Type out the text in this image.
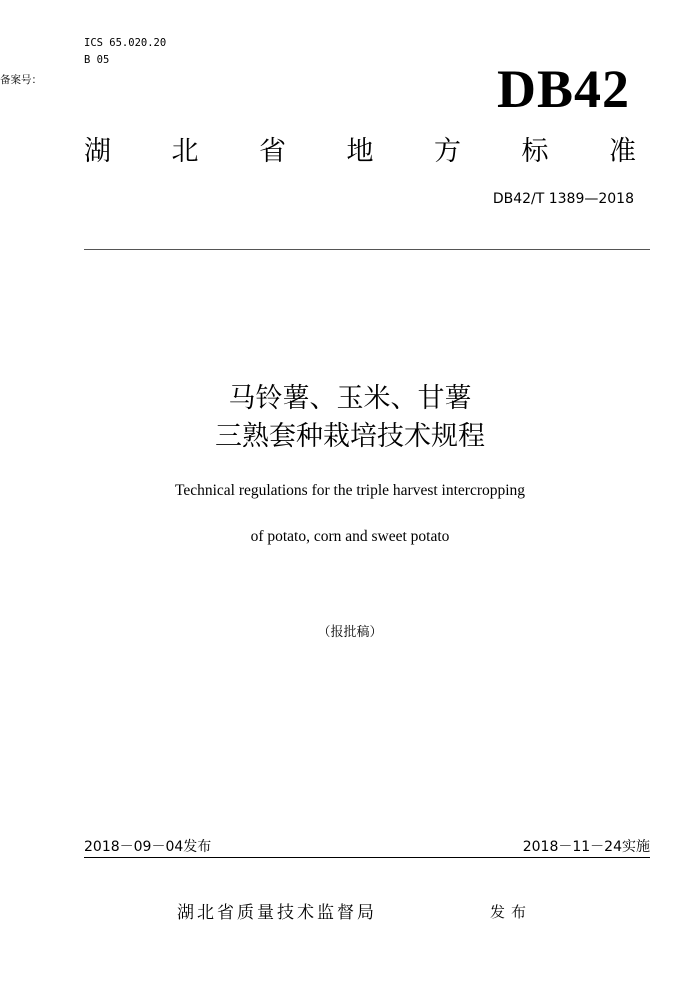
ICS 65.020.20
B 05
备案号：	DB42
湖 北 省 地 方 标 准
DB42/T 1389—2018
马铃薯、玉米、甘薯
三熟套种栽培技术规程
Technical regulations for the triple harvest intercropping
of potato, corn and sweet potato
（报批稿）
2018－09－04发布	2018－11－24实施
湖北省质量技术监督局	发布
